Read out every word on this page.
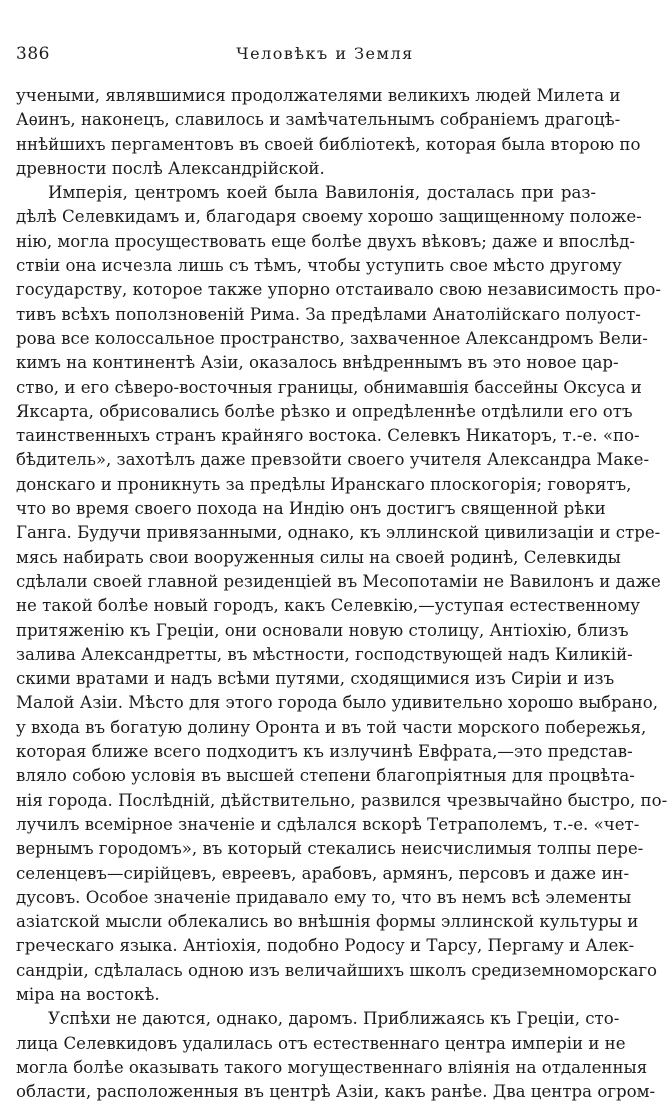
386	Человѣкъ и Земля
учеными, являвшимися продолжателями великихъ людей Милета и
Аѳинъ, наконецъ, славилось и замѣчательнымъ собраніемъ драгоцѣ-
ннѣйшихъ пергаментовъ въ своей библіотекѣ, которая была второю по
древности послѣ Александрійской.
Имперія, центромъ коей была Вавилонія, досталась при раз-
дѣлѣ Селевкидамъ и, благодаря своему хорошо защищенному положе-
нію, могла просуществовать еще болѣе двухъ вѣковъ; даже и впослѣд-
ствіи она исчезла лишь съ тѣмъ, чтобы уступить свое мѣсто другому
государству, которое также упорно отстаивало свою независимость про-
тивъ всѣхъ поползновеній Рима. За предѣлами Анатолійскаго полуост-
рова все колоссальное пространство, захваченное Александромъ Вели-
кимъ на континентѣ Азіи, оказалось внѣдреннымъ въ это новое цар-
ство, и его сѣверо-восточныя границы, обнимавшія бассейны Оксуса и
Яксарта, обрисовались болѣе рѣзко и опредѣленнѣе отдѣлили его отъ
таинственныхъ странъ крайняго востока. Селевкъ Никаторъ, т.-е. «по-
бѣдитель», захотѣлъ даже превзойти своего учителя Александра Маке-
донскаго и проникнуть за предѣлы Иранскаго плоскогорія; говорятъ,
что во время своего похода на Индію онъ достигъ священной рѣки
Ганга. Будучи привязанными, однако, къ эллинской цивилизаціи и стре-
мясь набирать свои вооруженныя силы на своей родинѣ, Селевкиды
сдѣлали своей главной резиденціей въ Месопотаміи не Вавилонъ и даже
не такой болѣе новый городъ, какъ Селевкію,—уступая естественному
притяженію къ Греціи, они основали новую столицу, Антіохію, близъ
залива Александретты, въ мѣстности, господствующей надъ Киликій-
скими вратами и надъ всѣми путями, сходящимися изъ Сиріи и изъ
Малой Азіи. Мѣсто для этого города было удивительно хорошо выбрано,
у входа въ богатую долину Оронта и въ той части морского побережья,
которая ближе всего подходитъ къ излучинѣ Евфрата,—это представ-
вляло собою условія въ высшей степени благопріятныя для процвѣта-
нія города. Послѣдній, дѣйствительно, развился чрезвычайно быстро, по-
лучилъ всемірное значеніе и сдѣлался вскорѣ Тетраполемъ, т.-е. «чет-
вернымъ городомъ», въ который стекались неисчислимыя толпы пере-
селенцевъ—сирійцевъ, евреевъ, арабовъ, армянъ, персовъ и даже ин-
дусовъ. Особое значеніе придавало ему то, что въ немъ всѣ элементы
азіатской мысли облекались во внѣшнія формы эллинской культуры и
греческаго языка. Антіохія, подобно Родосу и Тарсу, Пергаму и Алек-
сандріи, сдѣлалась одною изъ величайшихъ школъ средиземноморскаго
міра на востокѣ.
Успѣхи не даются, однако, даромъ. Приближаясь къ Греціи, сто-
лица Селевкидовъ удалилась отъ естественнаго центра имперіи и не
могла болѣе оказывать такого могущественнаго вліянія на отдаленныя
области, расположенныя въ центрѣ Азіи, какъ ранѣе. Два центра огром-
